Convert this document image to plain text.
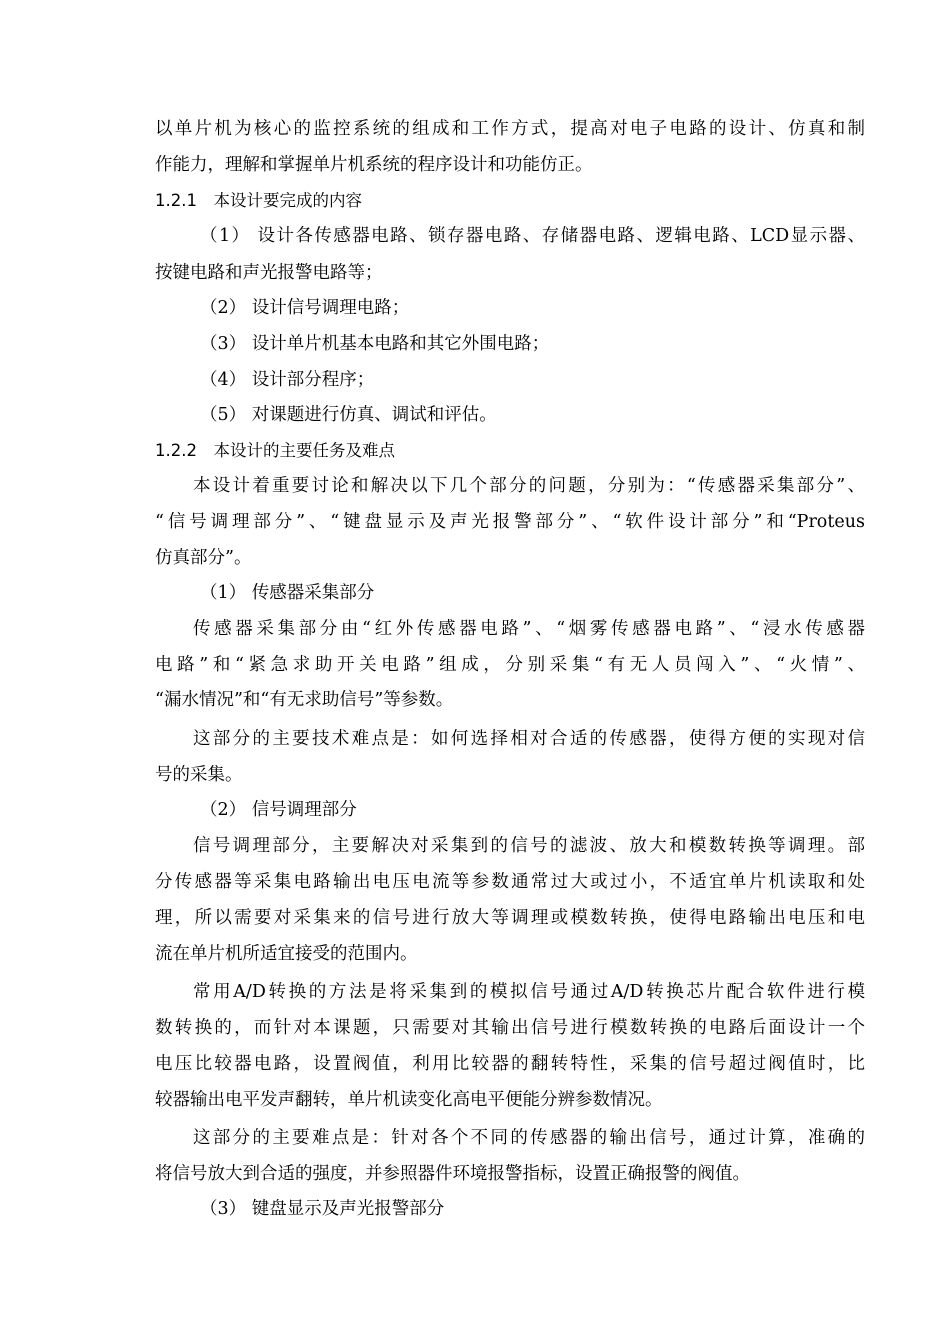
以单片机为核心的监控系统的组成和工作方式，提高对电子电路的设计、仿真和制
作能力，理解和掌握单片机系统的程序设计和功能仿正。
1.2.1　本设计要完成的内容
（1） 设计各传感器电路、锁存器电路、存储器电路、逻辑电路、LCD显示器、
按键电路和声光报警电路等；
（2） 设计信号调理电路；
（3） 设计单片机基本电路和其它外围电路；
（4） 设计部分程序；
（5） 对课题进行仿真、调试和评估。
1.2.2　本设计的主要任务及难点
本设计着重要讨论和解决以下几个部分的问题，分别为：“传感器采集部分”、
“信号调理部分”、“键盘显示及声光报警部分”、“软件设计部分”和“Proteus
仿真部分”。
（1） 传感器采集部分
传感器采集部分由“红外传感器电路”、“烟雾传感器电路”、“浸水传感器
电路”和“紧急求助开关电路”组成，分别采集“有无人员闯入”、“火情”、
“漏水情况”和“有无求助信号”等参数。
这部分的主要技术难点是：如何选择相对合适的传感器，使得方便的实现对信
号的采集。
（2） 信号调理部分
信号调理部分，主要解决对采集到的信号的滤波、放大和模数转换等调理。部
分传感器等采集电路输出电压电流等参数通常过大或过小，不适宜单片机读取和处
理，所以需要对采集来的信号进行放大等调理或模数转换，使得电路输出电压和电
流在单片机所适宜接受的范围内。
常用A/D转换的方法是将采集到的模拟信号通过A/D转换芯片配合软件进行模
数转换的，而针对本课题，只需要对其输出信号进行模数转换的电路后面设计一个
电压比较器电路，设置阀值，利用比较器的翻转特性，采集的信号超过阀值时，比
较器输出电平发声翻转，单片机读变化高电平便能分辨参数情况。
这部分的主要难点是：针对各个不同的传感器的输出信号，通过计算，准确的
将信号放大到合适的强度，并参照器件环境报警指标，设置正确报警的阀值。
（3） 键盘显示及声光报警部分
